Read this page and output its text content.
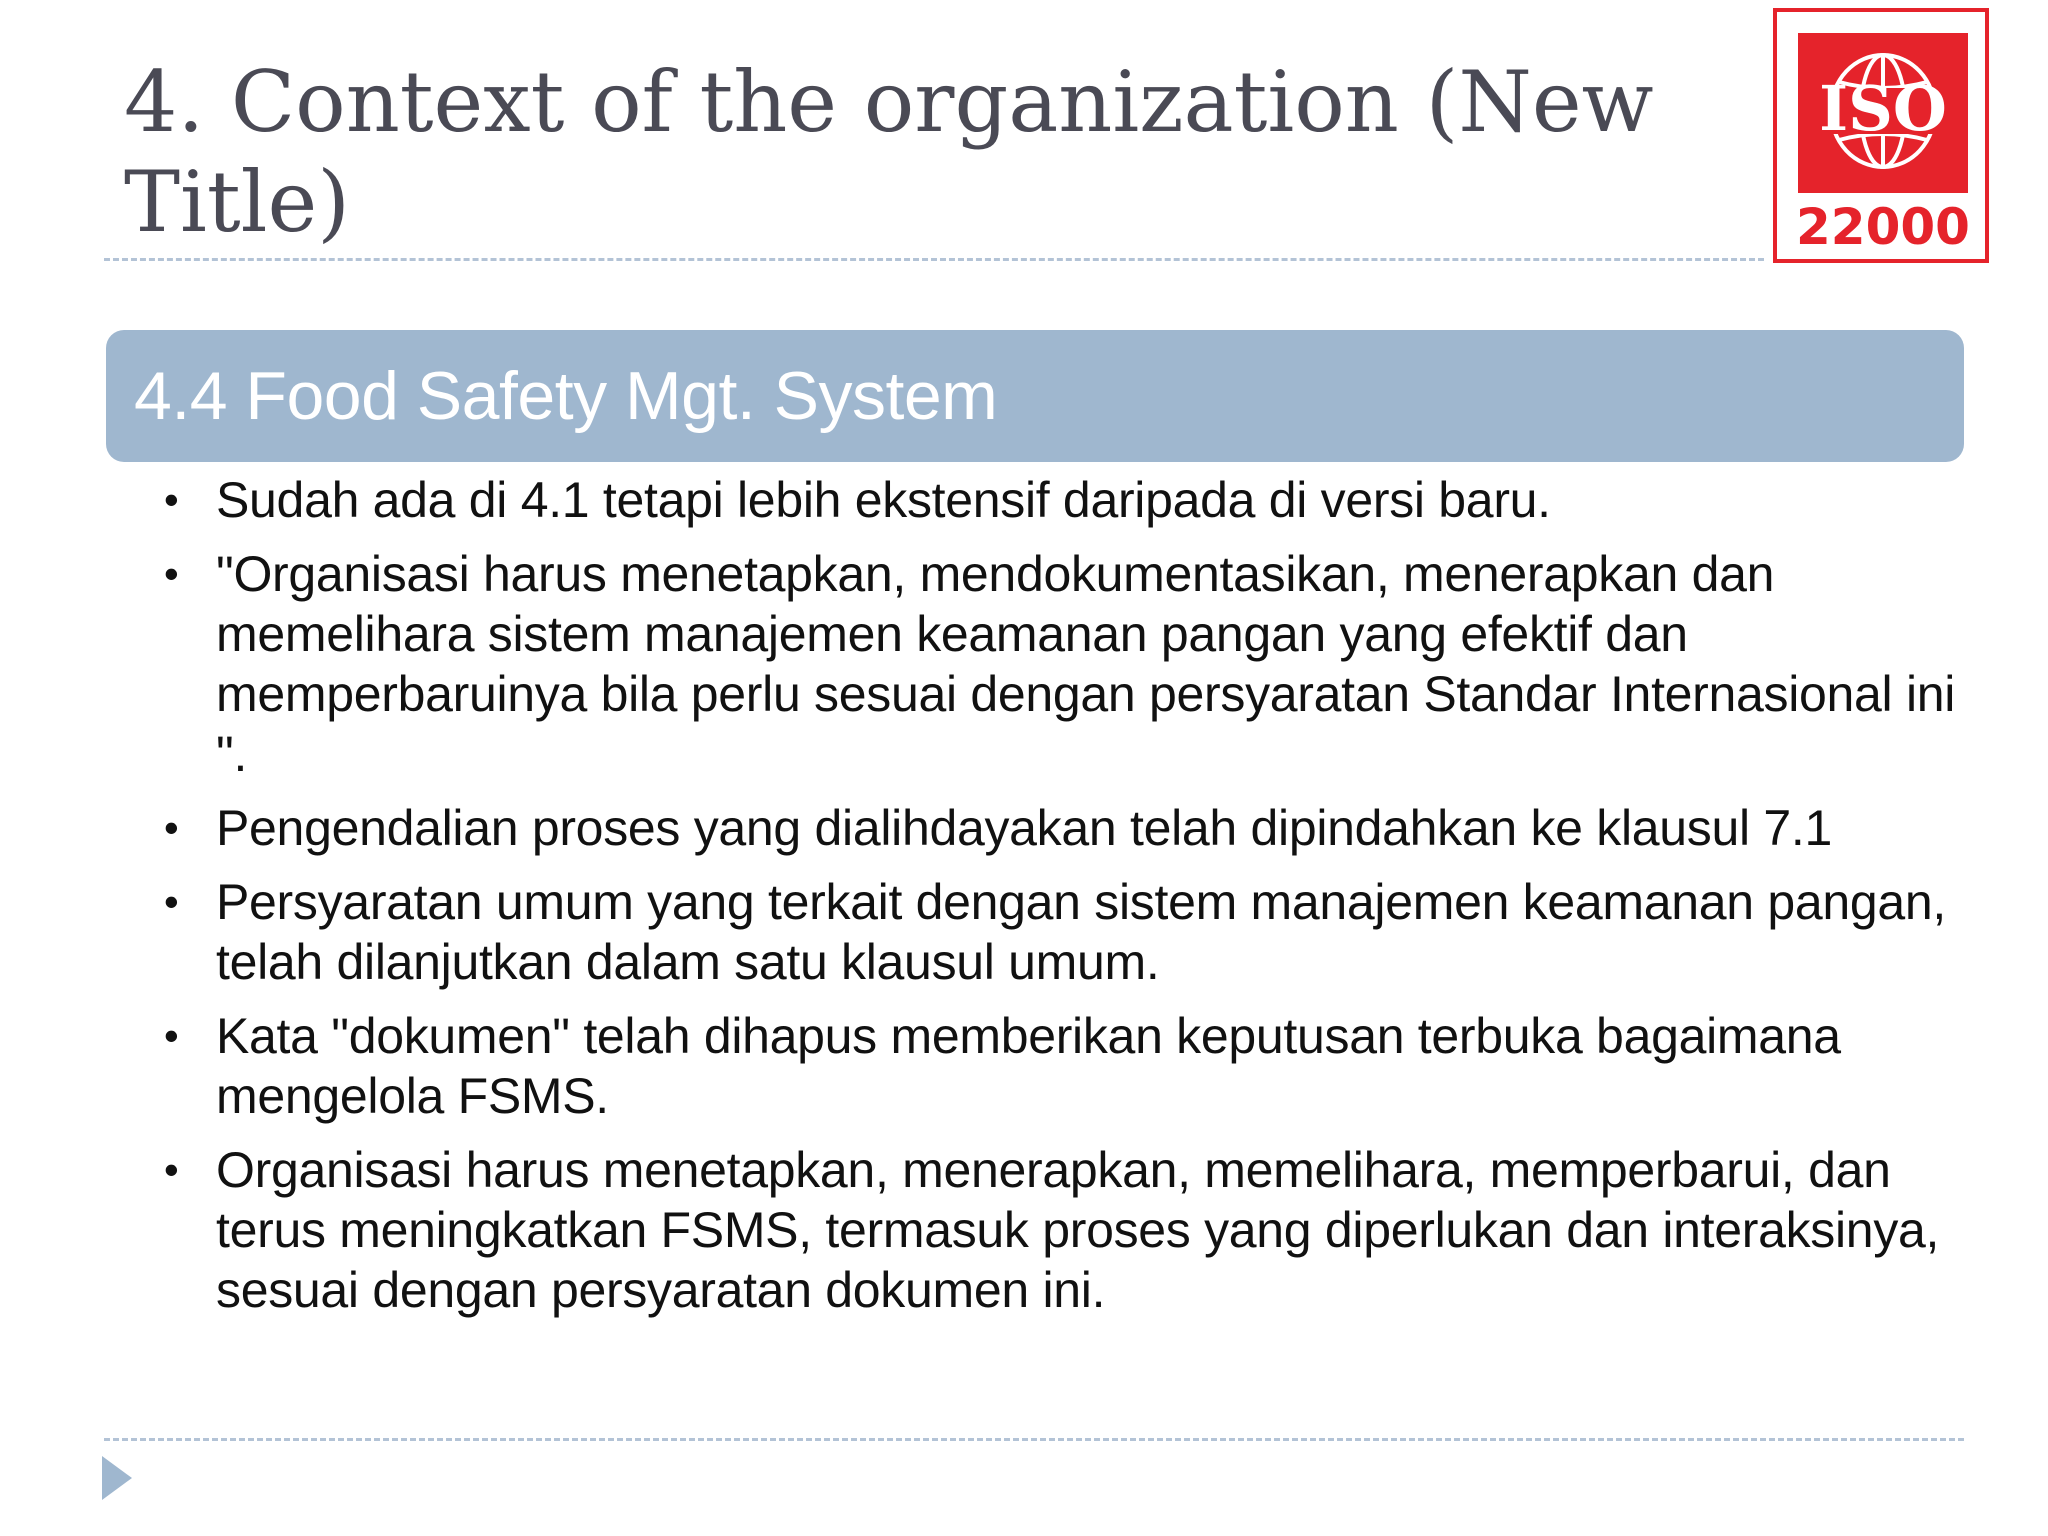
4. Context of the organization (New Title)
ISO
22000
4.4 Food Safety Mgt. System
• Sudah ada di 4.1 tetapi lebih ekstensif daripada di versi baru.
• "Organisasi harus menetapkan, mendokumentasikan, menerapkan dan memelihara sistem manajemen keamanan pangan yang efektif dan memperbaruinya bila perlu sesuai dengan persyaratan Standar Internasional ini ".
• Pengendalian proses yang dialihdayakan telah dipindahkan ke klausul 7.1
• Persyaratan umum yang terkait dengan sistem manajemen keamanan pangan, telah dilanjutkan dalam satu klausul umum.
• Kata "dokumen" telah dihapus memberikan keputusan terbuka bagaimana mengelola FSMS.
• Organisasi harus menetapkan, menerapkan, memelihara, memperbarui, dan terus meningkatkan FSMS, termasuk proses yang diperlukan dan interaksinya, sesuai dengan persyaratan dokumen ini.
